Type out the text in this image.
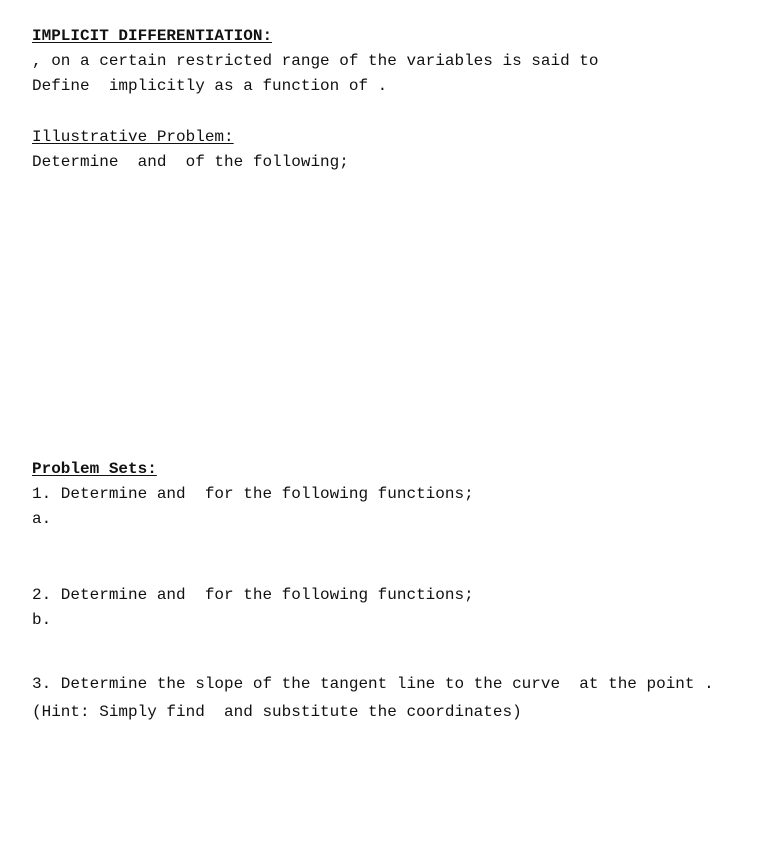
IMPLICIT DIFFERENTIATION:
, on a certain restricted range of the variables is said to
Define  implicitly as a function of .
Illustrative Problem:
Determine  and  of the following;
Problem Sets:
1. Determine and  for the following functions;
a.
2. Determine and  for the following functions;
b.
3. Determine the slope of the tangent line to the curve  at the point .
(Hint: Simply find  and substitute the coordinates)
